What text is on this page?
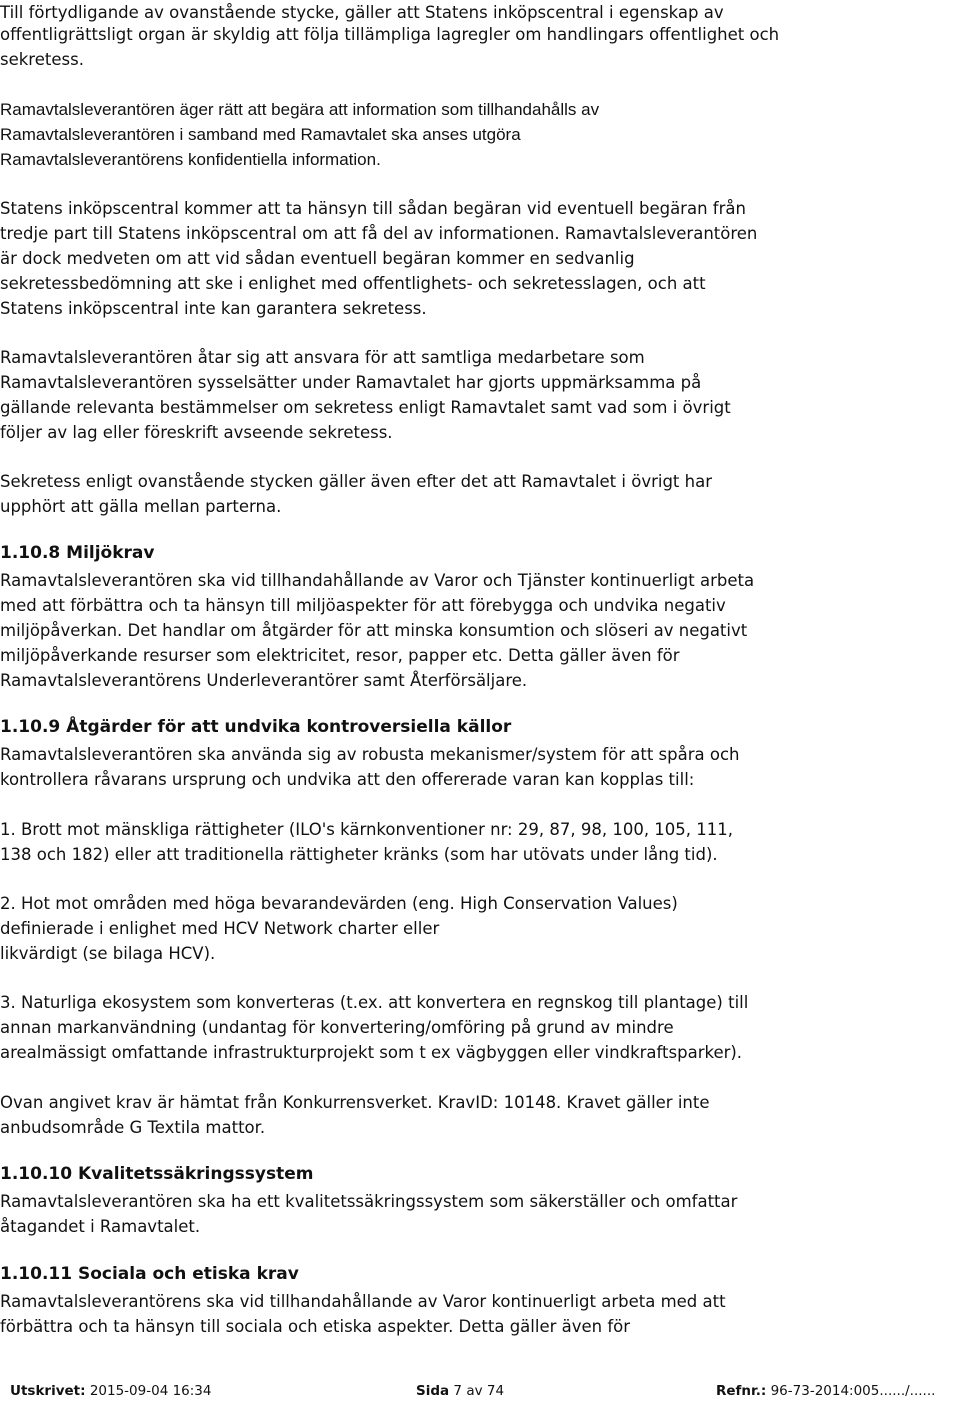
Till förtydligande av ovanstående stycke, gäller att Statens inköpscentral i egenskap av

offentligrättsligt organ är skyldig att följa tillämpliga lagregler om handlingars offentlighet och

sekretess.

Ramavtalsleverantören äger rätt att begära att information som tillhandahålls av

Ramavtalsleverantören i samband med Ramavtalet ska anses utgöra

Ramavtalsleverantörens konfidentiella information.

Statens inköpscentral kommer att ta hänsyn till sådan begäran vid eventuell begäran från

tredje part till Statens inköpscentral om att få del av informationen. Ramavtalsleverantören

är dock medveten om att vid sådan eventuell begäran kommer en sedvanlig

sekretessbedömning att ske i enlighet med offentlighets- och sekretesslagen, och att

Statens inköpscentral inte kan garantera sekretess.

Ramavtalsleverantören åtar sig att ansvara för att samtliga medarbetare som

Ramavtalsleverantören sysselsätter under Ramavtalet har gjorts uppmärksamma på

gällande relevanta bestämmelser om sekretess enligt Ramavtalet samt vad som i övrigt

följer av lag eller föreskrift avseende sekretess.

Sekretess enligt ovanstående stycken gäller även efter det att Ramavtalet i övrigt har

upphört att gälla mellan parterna.

Ramavtalsleverantören ska vid tillhandahållande av Varor och Tjänster kontinuerligt arbeta

med att förbättra och ta hänsyn till miljöaspekter för att förebygga och undvika negativ

miljöpåverkan. Det handlar om åtgärder för att minska konsumtion och slöseri av negativt

miljöpåverkande resurser som elektricitet, resor, papper etc. Detta gäller även för

Ramavtalsleverantörens Underleverantörer samt Återförsäljare.

Ramavtalsleverantören ska använda sig av robusta mekanismer/system för att spåra och

kontrollera råvarans ursprung och undvika att den offererade varan kan kopplas till:

1. Brott mot mänskliga rättigheter (ILO's kärnkonventioner nr: 29, 87, 98, 100, 105, 111,

138 och 182) eller att traditionella rättigheter kränks (som har utövats under lång tid).

2. Hot mot områden med höga bevarandevärden (eng. High Conservation Values)

definierade i enlighet med HCV Network charter eller

likvärdigt (se bilaga HCV).

3. Naturliga ekosystem som konverteras (t.ex. att konvertera en regnskog till plantage) till

annan markanvändning (undantag för konvertering/omföring på grund av mindre

arealmässigt omfattande infrastrukturprojekt som t ex vägbyggen eller vindkraftsparker).

Ovan angivet krav är hämtat från Konkurrensverket. KravID: 10148. Kravet gäller inte

anbudsområde G Textila mattor.

Ramavtalsleverantören ska ha ett kvalitetssäkringssystem som säkerställer och omfattar

åtagandet i Ramavtalet.

Ramavtalsleverantörens ska vid tillhandahållande av Varor kontinuerligt arbeta med att

förbättra och ta hänsyn till sociala och etiska aspekter. Detta gäller även för

1.10.8 Miljökrav

1.10.9 Åtgärder för att undvika kontroversiella källor

1.10.10 Kvalitetssäkringssystem

1.10.11 Sociala och etiska krav

Utskrivet: 2015-09-04 16:34	Sida 7 av 74	Refnr.: 96-73-2014:005....../......
